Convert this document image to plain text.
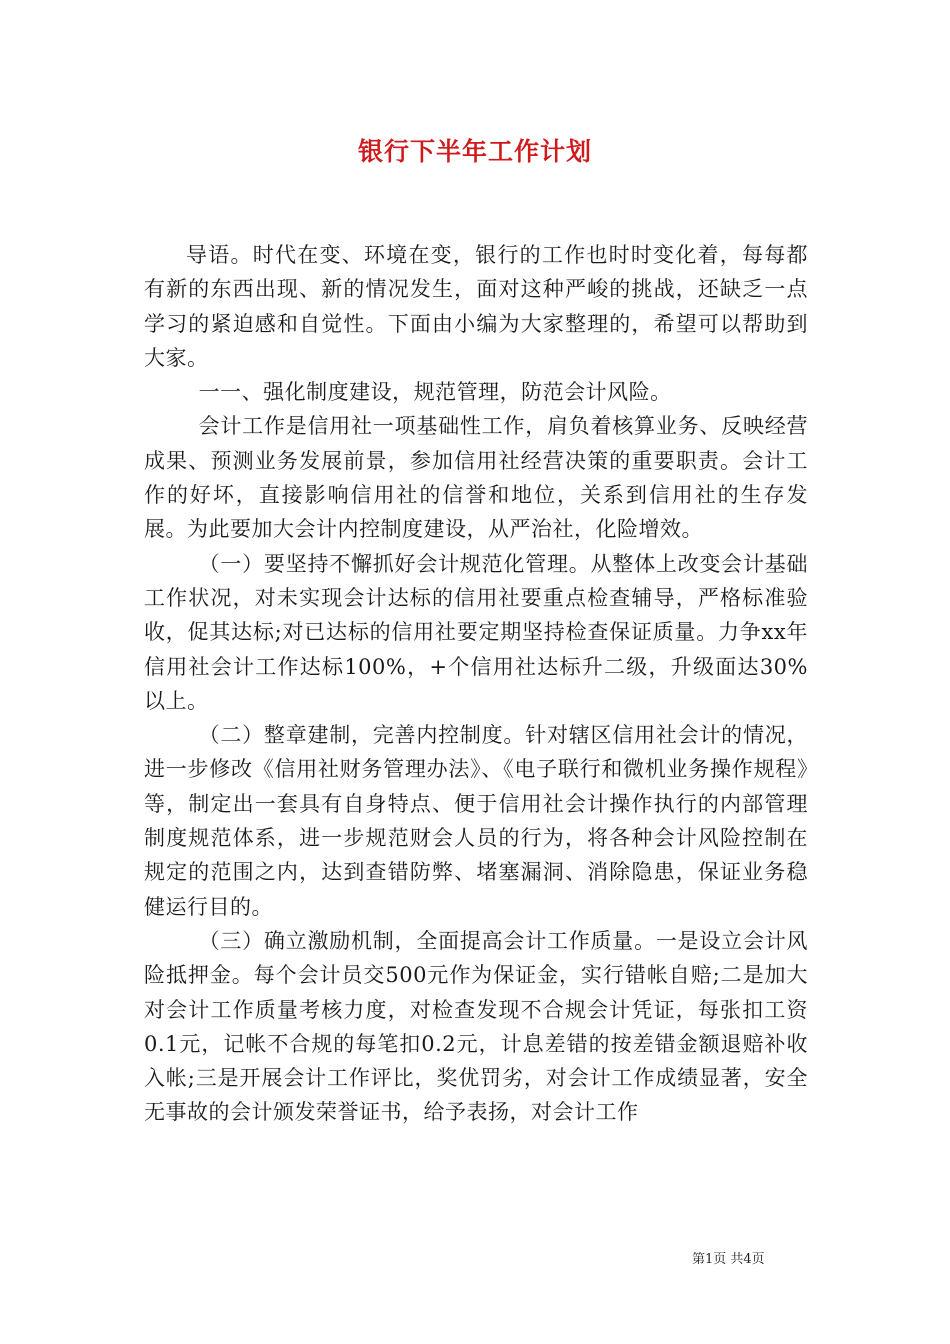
银行下半年工作计划

导语。时代在变、环境在变，银行的工作也时时变化着，每每都有新的东西出现、新的情况发生，面对这种严峻的挑战，还缺乏一点学习的紧迫感和自觉性。下面由小编为大家整理的，希望可以帮助到大家。

一一、强化制度建设，规范管理，防范会计风险。

会计工作是信用社一项基础性工作，肩负着核算业务、反映经营成果、预测业务发展前景，参加信用社经营决策的重要职责。会计工作的好坏，直接影响信用社的信誉和地位，关系到信用社的生存发展。为此要加大会计内控制度建设，从严治社，化险增效。

（一）要坚持不懈抓好会计规范化管理。从整体上改变会计基础工作状况，对未实现会计达标的信用社要重点检查辅导，严格标准验收，促其达标;对已达标的信用社要定期坚持检查保证质量。力争xx年信用社会计工作达标100%，+个信用社达标升二级，升级面达30%以上。

（二）整章建制，完善内控制度。针对辖区信用社会计的情况，进一步修改《信用社财务管理办法》、《电子联行和微机业务操作规程》等，制定出一套具有自身特点、便于信用社会计操作执行的内部管理制度规范体系，进一步规范财会人员的行为，将各种会计风险控制在规定的范围之内，达到查错防弊、堵塞漏洞、消除隐患，保证业务稳健运行目的。

（三）确立激励机制，全面提高会计工作质量。一是设立会计风险抵押金。每个会计员交500元作为保证金，实行错帐自赔;二是加大对会计工作质量考核力度，对检查发现不合规会计凭证，每张扣工资0.1元，记帐不合规的每笔扣0.2元，计息差错的按差错金额退赔补收入帐;三是开展会计工作评比，奖优罚劣，对会计工作成绩显著，安全无事故的会计颁发荣誉证书，给予表扬，对会计工作

第1页 共4页
